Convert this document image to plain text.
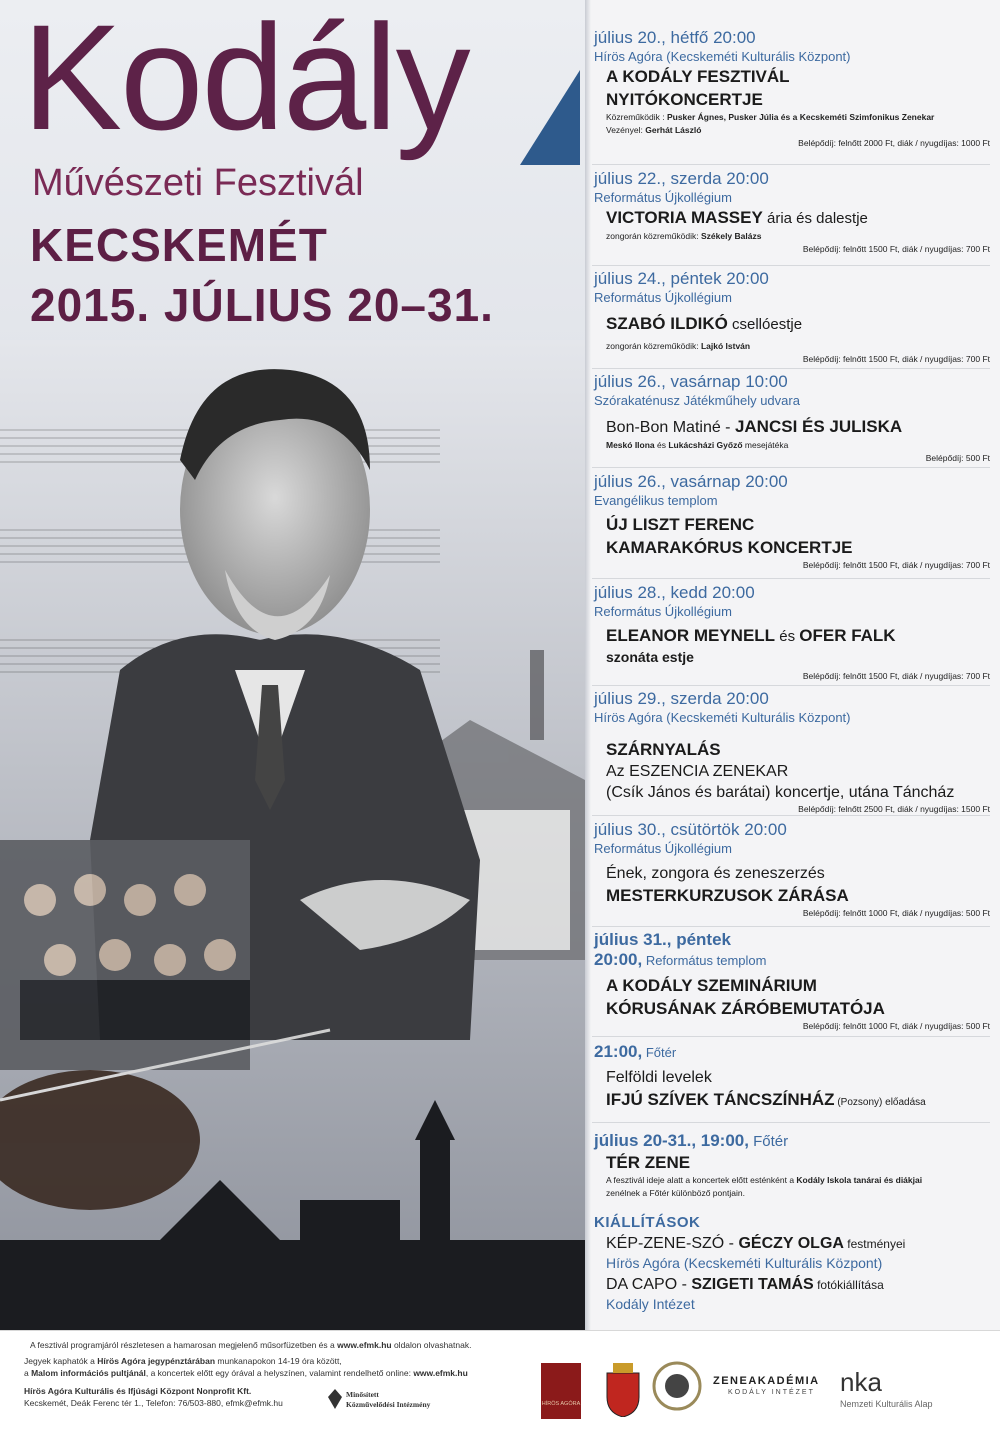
Kodály
Művészeti Fesztivál
KECSKEMÉT
2015. JÚLIUS 20–31.
július 20., hétfő 20:00
Hírös Agóra (Kecskeméti Kulturális Központ)
A KODÁLY FESZTIVÁL
NYITÓKONCERTJE
Közreműködik : Pusker Ágnes, Pusker Júlia és a Kecskeméti Szimfonikus Zenekar
Vezényel: Gerhát László
Belépődíj: felnőtt 2000 Ft, diák / nyugdíjas: 1000 Ft
július 22., szerda 20:00
Református Újkollégium
VICTORIA MASSEY ária és dalestje
zongorán közreműködik: Székely Balázs
Belépődíj: felnőtt 1500 Ft, diák / nyugdíjas: 700 Ft
július 24., péntek 20:00
Református Újkollégium
SZABÓ ILDIKÓ csellóestje
zongorán közreműködik: Lajkó István
Belépődíj: felnőtt 1500 Ft, diák / nyugdíjas: 700 Ft
július 26., vasárnap 10:00
Szórakaténusz Játékműhely udvara
Bon-Bon Matiné - JANCSI ÉS JULISKA
Meskó Ilona és Lukácsházi Győző mesejátéka
Belépődíj: 500 Ft
július 26., vasárnap 20:00
Evangélikus templom
ÚJ LISZT FERENC
KAMARAKÓRUS KONCERTJE
Belépődíj: felnőtt 1500 Ft, diák / nyugdíjas: 700 Ft
július 28., kedd 20:00
Református Újkollégium
ELEANOR MEYNELL és OFER FALK
szonáta estje
Belépődíj: felnőtt 1500 Ft, diák / nyugdíjas: 700 Ft
július 29., szerda 20:00
Hírös Agóra (Kecskeméti Kulturális Központ)
SZÁRNYALÁS
Az ESZENCIA ZENEKAR
(Csík János és barátai) koncertje, utána Táncház
Belépődíj: felnőtt 2500 Ft, diák / nyugdíjas: 1500 Ft
július 30., csütörtök 20:00
Református Újkollégium
Ének, zongora és zeneszerzés
MESTERKURZUSOK ZÁRÁSA
Belépődíj: felnőtt 1000 Ft, diák / nyugdíjas: 500 Ft
július 31., péntek
20:00, Református templom
A KODÁLY SZEMINÁRIUM
KÓRUSÁNAK ZÁRÓBEMUTATÓJA
Belépődíj: felnőtt 1000 Ft, diák / nyugdíjas: 500 Ft
21:00, Főtér
Felföldi levelek
IFJÚ SZÍVEK TÁNCSZÍNHÁZ (Pozsony) előadása
július 20-31., 19:00, Főtér
TÉR ZENE
A fesztivál ideje alatt a koncertek előtt esténként a Kodály Iskola tanárai és diákjai
zenélnek a Főtér különböző pontjain.
KIÁLLÍTÁSOK
KÉP-ZENE-SZÓ - GÉCZY OLGA festményei
Hírös Agóra (Kecskeméti Kulturális Központ)
DA CAPO - SZIGETI TAMÁS fotókiállítása
Kodály Intézet
A fesztivál programjáról részletesen a hamarosan megjelenő műsorfüzetben és a www.efmk.hu oldalon olvashatnak.
Jegyek kaphatók a Hírös Agóra jegypénztárában munkanapokon 14-19 óra között,
a Malom információs pultjánál, a koncertek előtt egy órával a helyszínen, valamint rendelhető online: www.efmk.hu
Hírös Agóra Kulturális és Ifjúsági Központ Nonprofit Kft.
Kecskemét, Deák Ferenc tér 1., Telefon: 76/503-880, efmk@efmk.hu
Minősített
Közművelődési Intézmény	HÍRÖS AGÓRA
ZENEAKADÉMIA
KODÁLY INTÉZET nka
Nemzeti Kulturális Alap
